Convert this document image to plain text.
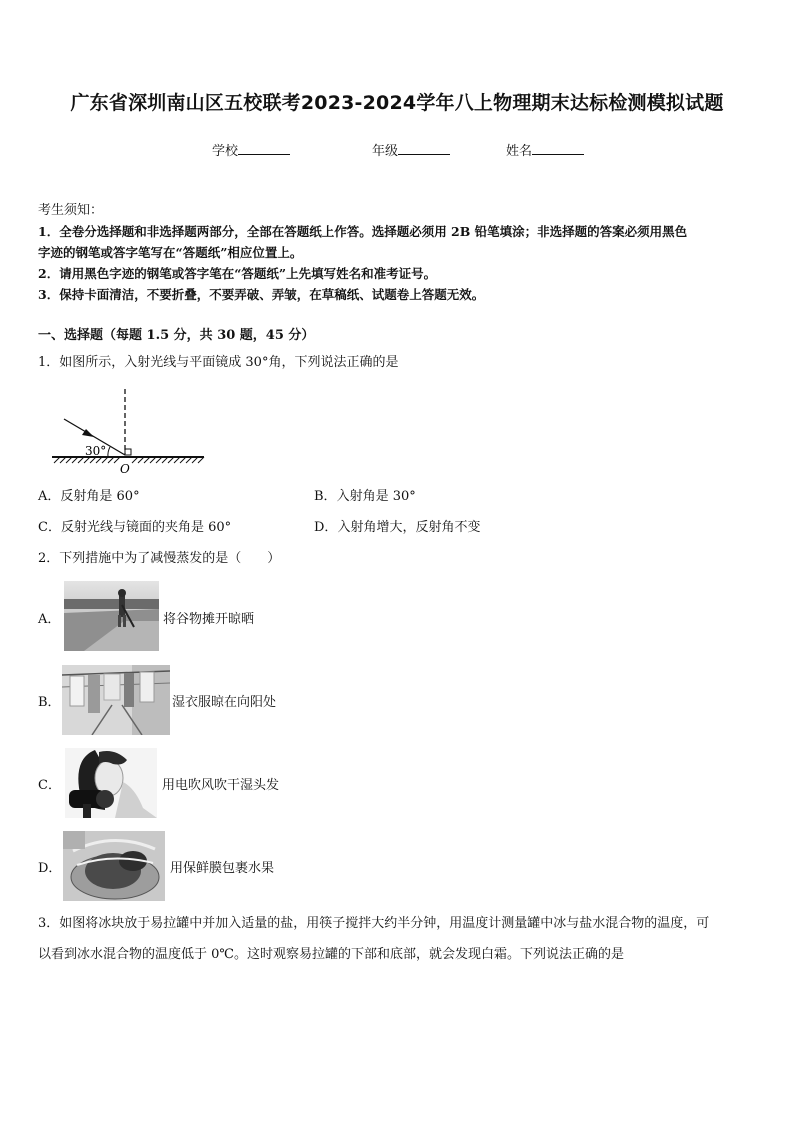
广东省深圳南山区五校联考2023-2024学年八上物理期末达标检测模拟试题
学校	年级	姓名
考生须知：
1．全卷分选择题和非选择题两部分，全部在答题纸上作答。选择题必须用 2B 铅笔填涂；非选择题的答案必须用黑色
字迹的钢笔或答字笔写在“答题纸”相应位置上。
2．请用黑色字迹的钢笔或答字笔在“答题纸”上先填写姓名和准考证号。
3．保持卡面清洁，不要折叠，不要弄破、弄皱，在草稿纸、试题卷上答题无效。
一、选择题（每题 1.5 分，共 30 题，45 分）
1．如图所示，入射光线与平面镜成 30°角，下列说法正确的是
30°
O
A．反射角是 60°	B．入射角是 30°
C．反射光线与镜面的夹角是 60°	D．入射角增大，反射角不变
2．下列措施中为了减慢蒸发的是（　　）
A．	将谷物摊开晾晒
B．	湿衣服晾在向阳处
C．	用电吹风吹干湿头发
D．	用保鲜膜包裹水果
3．如图将冰块放于易拉罐中并加入适量的盐，用筷子搅拌大约半分钟，用温度计测量罐中冰与盐水混合物的温度，可
以看到冰水混合物的温度低于 0℃。这时观察易拉罐的下部和底部，就会发现白霜。下列说法正确的是
